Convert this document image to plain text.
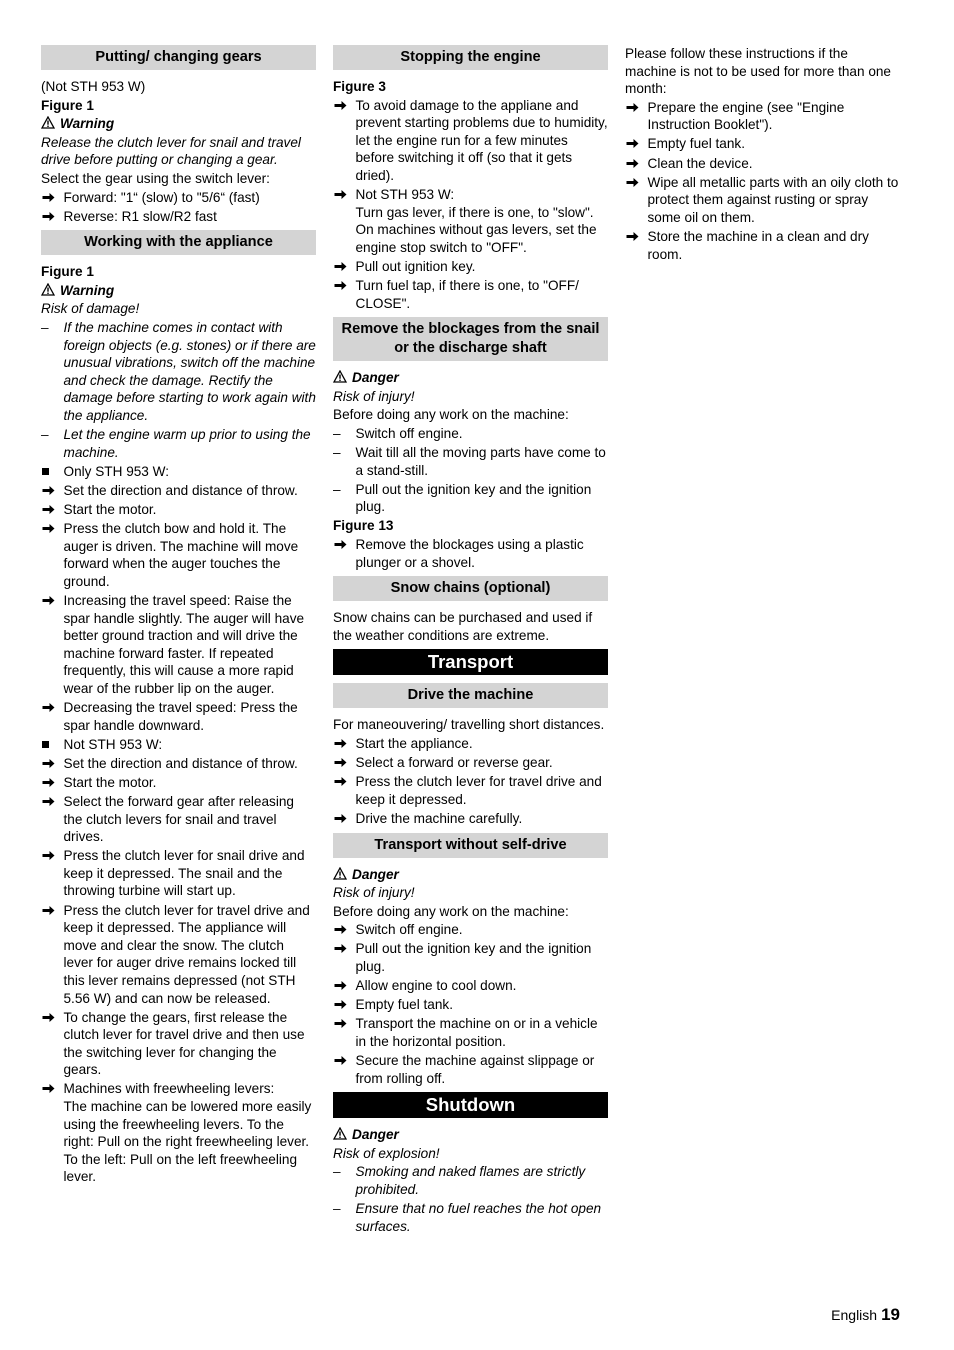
Putting/ changing gears
(Not STH 953 W)
Figure 1
Warning
Release the clutch lever for snail and travel drive before putting or changing a gear.
Select the gear using the switch lever:
Forward: "1“ (slow) to "5/6“ (fast)
Reverse: R1 slow/R2 fast
Working with the appliance
Figure 1
Warning
Risk of damage!
–	If the machine comes in contact with foreign objects (e.g. stones) or if there are unusual vibrations, switch off the machine and check the damage. Rectify the damage before starting to work again with the appliance.
–	Let the engine warm up prior to using the machine.
Only STH 953 W:
Set the direction and distance of throw.
Start the motor.
Press the clutch bow and hold it. The auger is driven. The machine will move forward when the auger touches the ground.
Increasing the travel speed: Raise the spar handle slightly. The auger will have better ground traction and will drive the machine forward faster. If repeated frequently, this will cause a more rapid wear of the rubber lip on the auger.
Decreasing the travel speed: Press the spar handle downward.
Not STH 953 W:
Set the direction and distance of throw.
Start the motor.
Select the forward gear after releasing the clutch levers for snail and travel drives.
Press the clutch lever for snail drive and keep it depressed. The snail and the throwing turbine will start up.
Press the clutch lever for travel drive and keep it depressed. The appliance will move and clear the snow. The clutch lever for auger drive remains locked till this lever remains depressed (not STH 5.56 W) and can now be released.
To change the gears, first release the clutch lever for travel drive and then use the switching lever for changing the gears.
Machines with freewheeling levers:
The machine can be lowered more easily using the freewheeling levers. To the right: Pull on the right freewheeling lever. To the left: Pull on the left freewheeling lever.
Stopping the engine
Figure 3
To avoid damage to the appliane and prevent starting problems due to humidity, let the engine run for a few minutes before switching it off (so that it gets dried).
Not STH 953 W:
Turn gas lever, if there is one, to "slow". On machines without gas levers, set the engine stop switch to "OFF".
Pull out ignition key.
Turn fuel tap, if there is one, to "OFF/ CLOSE".
Remove the blockages from the snail or the discharge shaft
Danger
Risk of injury!
Before doing any work on the machine:
–	Switch off engine.
–	Wait till all the moving parts have come to a stand-still.
–	Pull out the ignition key and the ignition plug.
Figure 13
Remove the blockages using a plastic plunger or a shovel.
Snow chains (optional)
Snow chains can be purchased and used if the weather conditions are extreme.
Transport
Drive the machine
For maneouvering/ travelling short distances.
Start the appliance.
Select a forward or reverse gear.
Press the clutch lever for travel drive and keep it depressed.
Drive the machine carefully.
Transport without self-drive
Danger
Risk of injury!
Before doing any work on the machine:
Switch off engine.
Pull out the ignition key and the ignition plug.
Allow engine to cool down.
Empty fuel tank.
Transport the machine on or in a vehicle in the horizontal position.
Secure the machine against slippage or from rolling off.
Shutdown
Danger
Risk of explosion!
–	Smoking and naked flames are strictly prohibited.
–	Ensure that no fuel reaches the hot open surfaces.
Please follow these instructions if the machine is not to be used for more than one month:
Prepare the engine (see "Engine Instruction Booklet").
Empty fuel tank.
Clean the device.
Wipe all metallic parts with an oily cloth to protect them against rusting or spray some oil on them.
Store the machine in a clean and dry room.
English 19
